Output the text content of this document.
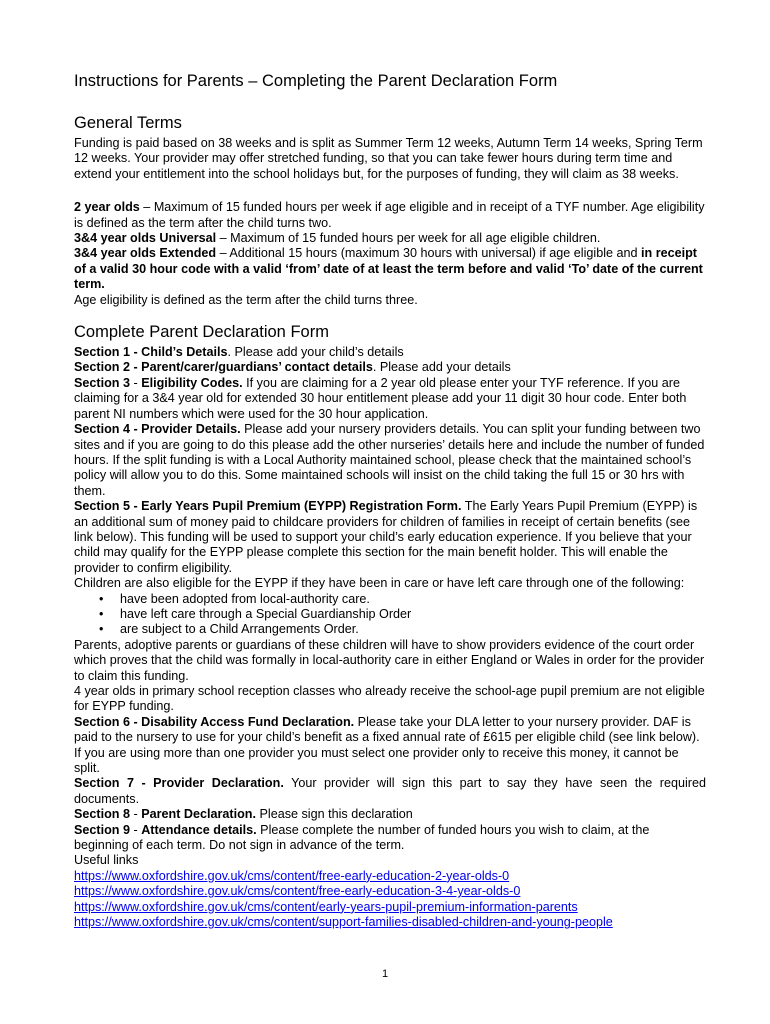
Instructions for Parents – Completing the Parent Declaration Form
General Terms

Funding is paid based on 38 weeks and is split as Summer Term 12 weeks, Autumn Term 14 weeks, Spring Term 12 weeks. Your provider may offer stretched funding, so that you can take fewer hours during term time and extend your entitlement into the school holidays but, for the purposes of funding, they will claim as 38 weeks.

2 year olds – Maximum of 15 funded hours per week if age eligible and in receipt of a TYF number. Age eligibility is defined as the term after the child turns two.

3&4 year olds Universal – Maximum of 15 funded hours per week for all age eligible children.

3&4 year olds Extended – Additional 15 hours (maximum 30 hours with universal) if age eligible and in receipt of a valid 30 hour code with a valid ‘from’ date of at least the term before and valid ‘To’ date of the current term.

Age eligibility is defined as the term after the child turns three.

Complete Parent Declaration Form

Section 1 - Child’s Details. Please add your child’s details

Section 2 - Parent/carer/guardians’ contact details. Please add your details

Section 3 - Eligibility Codes. If you are claiming for a 2 year old please enter your TYF reference. If you are claiming for a 3&4 year old for extended 30 hour entitlement please add your 11 digit 30 hour code. Enter both parent NI numbers which were used for the 30 hour application.

Section 4 - Provider Details. Please add your nursery providers details. You can split your funding between two sites and if you are going to do this please add the other nurseries’ details here and include the number of funded hours. If the split funding is with a Local Authority maintained school, please check that the maintained school’s policy will allow you to do this. Some maintained schools will insist on the child taking the full 15 or 30 hrs with them.

Section 5 - Early Years Pupil Premium (EYPP) Registration Form. The Early Years Pupil Premium (EYPP) is an additional sum of money paid to childcare providers for children of families in receipt of certain benefits (see link below). This funding will be used to support your child’s early education experience. If you believe that your child may qualify for the EYPP please complete this section for the main benefit holder. This will enable the provider to confirm eligibility.

Children are also eligible for the EYPP if they have been in care or have left care through one of the following:

• have been adopted from local-authority care.
• have left care through a Special Guardianship Order
• are subject to a Child Arrangements Order.

Parents, adoptive parents or guardians of these children will have to show providers evidence of the court order which proves that the child was formally in local-authority care in either England or Wales in order for the provider to claim this funding.

4 year olds in primary school reception classes who already receive the school-age pupil premium are not eligible for EYPP funding.

Section 6 - Disability Access Fund Declaration. Please take your DLA letter to your nursery provider. DAF is paid to the nursery to use for your child’s benefit as a fixed annual rate of £615 per eligible child (see link below). If you are using more than one provider you must select one provider only to receive this money, it cannot be split.

Section 7 - Provider Declaration. Your provider will sign this part to say they have seen the required documents.

Section 8 - Parent Declaration. Please sign this declaration

Section 9 - Attendance details. Please complete the number of funded hours you wish to claim, at the beginning of each term. Do not sign in advance of the term.

Useful links

https://www.oxfordshire.gov.uk/cms/content/free-early-education-2-year-olds-0
https://www.oxfordshire.gov.uk/cms/content/free-early-education-3-4-year-olds-0
https://www.oxfordshire.gov.uk/cms/content/early-years-pupil-premium-information-parents
https://www.oxfordshire.gov.uk/cms/content/support-families-disabled-children-and-young-people
1
